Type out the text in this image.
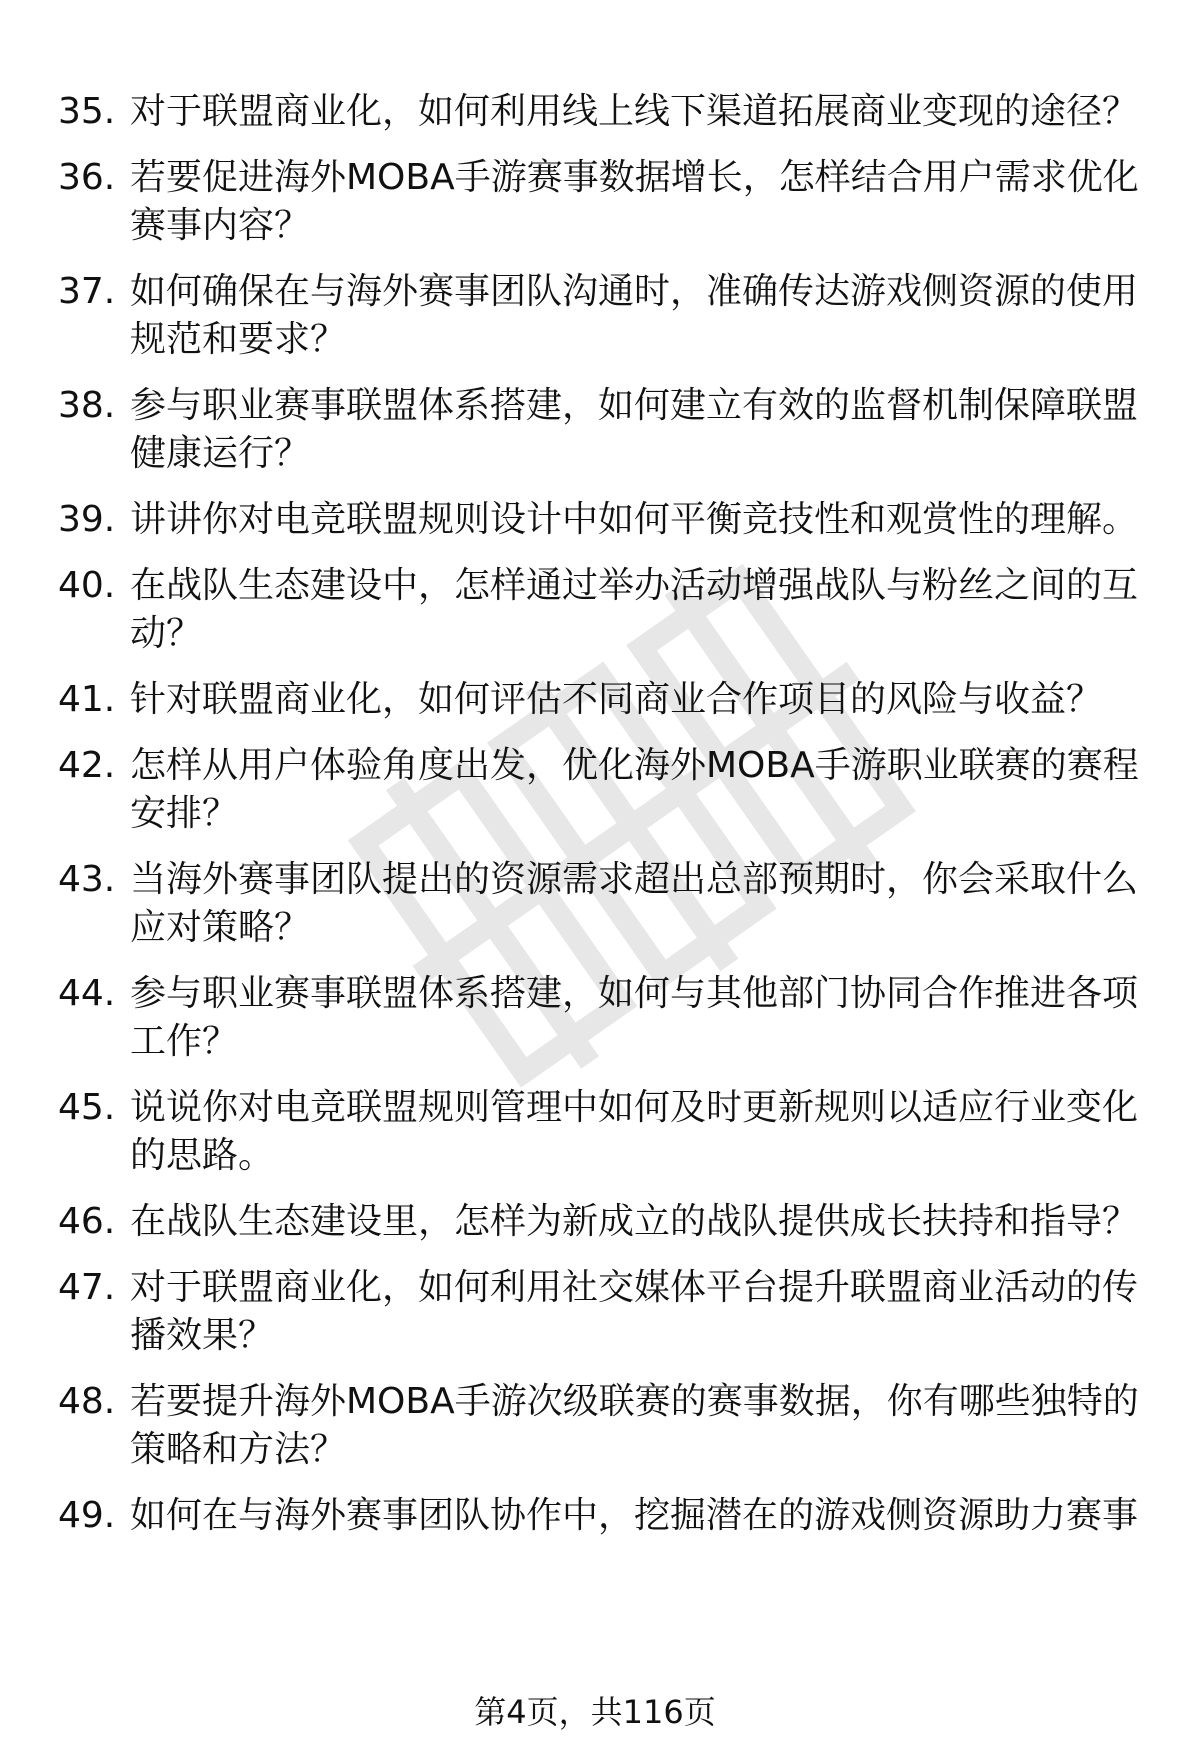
35. 对于联盟商业化，如何利用线上线下渠道拓展商业变现的途径？
36. 若要促进海外MOBA手游赛事数据增长，怎样结合用户需求优化赛事内容？
37. 如何确保在与海外赛事团队沟通时，准确传达游戏侧资源的使用规范和要求？
38. 参与职业赛事联盟体系搭建，如何建立有效的监督机制保障联盟健康运行？
39. 讲讲你对电竞联盟规则设计中如何平衡竞技性和观赏性的理解。
40. 在战队生态建设中，怎样通过举办活动增强战队与粉丝之间的互动？
41. 针对联盟商业化，如何评估不同商业合作项目的风险与收益？
42. 怎样从用户体验角度出发，优化海外MOBA手游职业联赛的赛程安排？
43. 当海外赛事团队提出的资源需求超出总部预期时，你会采取什么应对策略？
44. 参与职业赛事联盟体系搭建，如何与其他部门协同合作推进各项工作？
45. 说说你对电竞联盟规则管理中如何及时更新规则以适应行业变化的思路。
46. 在战队生态建设里，怎样为新成立的战队提供成长扶持和指导？
47. 对于联盟商业化，如何利用社交媒体平台提升联盟商业活动的传播效果？
48. 若要提升海外MOBA手游次级联赛的赛事数据，你有哪些独特的策略和方法？
49. 如何在与海外赛事团队协作中，挖掘潜在的游戏侧资源助力赛事
第4页，共116页
